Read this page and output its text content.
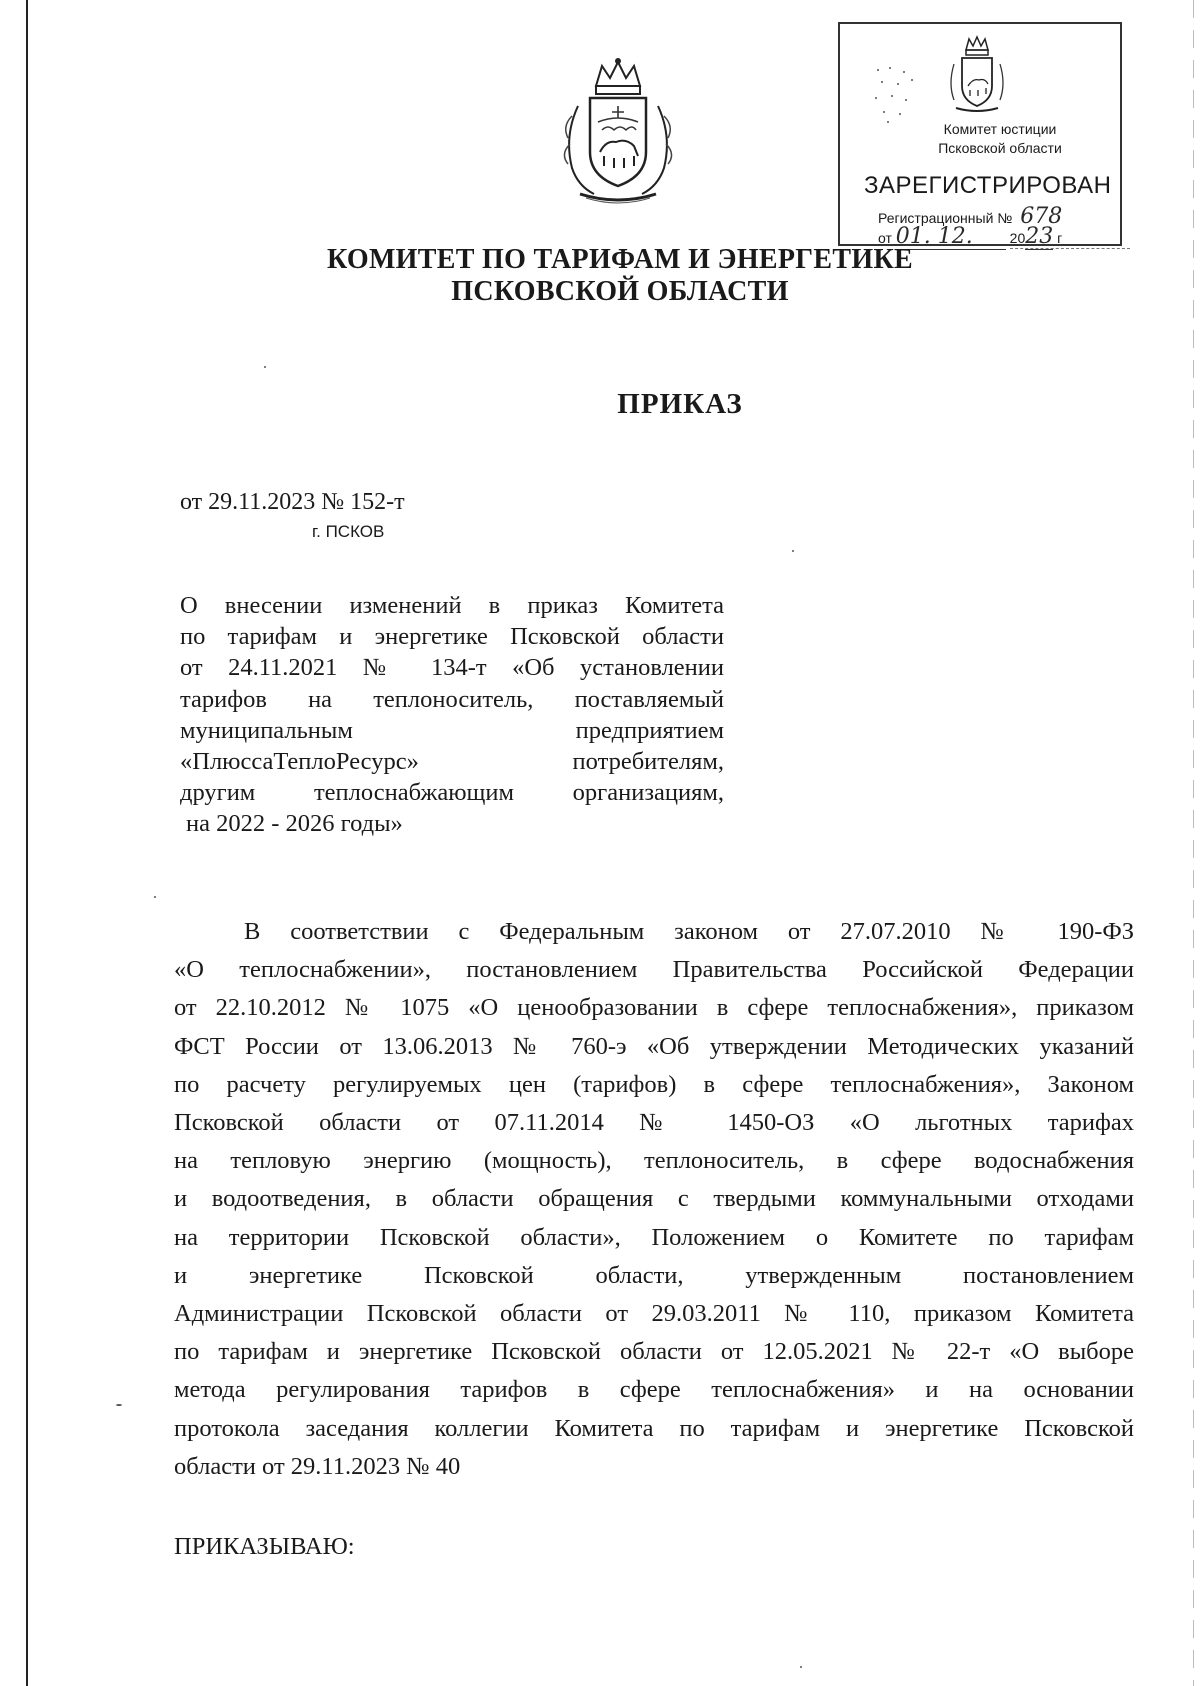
Комитет юстиции
Псковской области
ЗАРЕГИСТРИРОВАН
Регистрационный № 678
от 01. 12.	2023 г
КОМИТЕТ ПО ТАРИФАМ И ЭНЕРГЕТИКЕ
ПСКОВСКОЙ ОБЛАСТИ
ПРИКАЗ
от 29.11.2023 № 152-т
г. ПСКОВ
О внесении изменений в приказ Комитета
по тарифам и энергетике Псковской области
от 24.11.2021 № 134-т «Об установлении
тарифов на теплоноситель, поставляемый
муниципальным предприятием
«ПлюссаТеплоРесурс» потребителям,
другим теплоснабжающим организациям,
на 2022 - 2026 годы»
В соответствии с Федеральным законом от 27.07.2010 № 190-ФЗ
«О теплоснабжении», постановлением Правительства Российской Федерации
от 22.10.2012 № 1075 «О ценообразовании в сфере теплоснабжения», приказом
ФСТ России от 13.06.2013 № 760-э «Об утверждении Методических указаний
по расчету регулируемых цен (тарифов) в сфере теплоснабжения», Законом
Псковской области от 07.11.2014 № 1450-ОЗ «О льготных тарифах
на тепловую энергию (мощность), теплоноситель, в сфере водоснабжения
и водоотведения, в области обращения с твердыми коммунальными отходами
на территории Псковской области», Положением о Комитете по тарифам
и энергетике Псковской области, утвержденным постановлением
Администрации Псковской области от 29.03.2011 № 110, приказом Комитета
по тарифам и энергетике Псковской области от 12.05.2021 № 22-т «О выборе
метода регулирования тарифов в сфере теплоснабжения» и на основании
протокола заседания коллегии Комитета по тарифам и энергетике Псковской
области от 29.11.2023 № 40
ПРИКАЗЫВАЮ:
